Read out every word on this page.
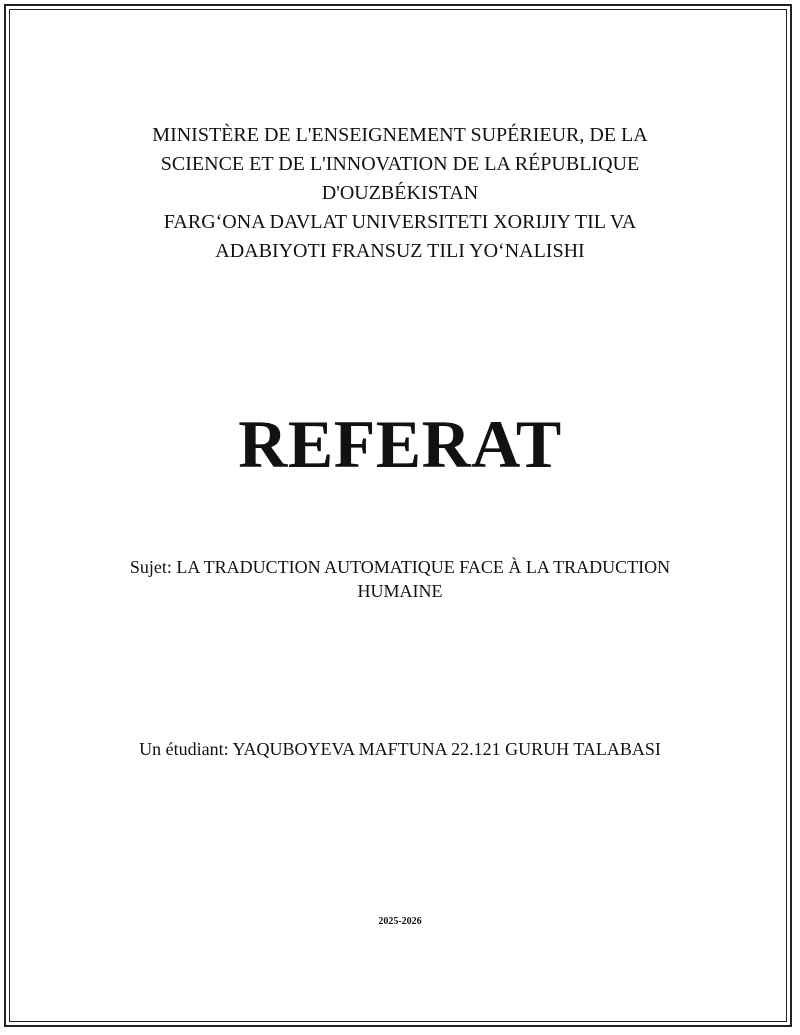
MINISTÈRE DE L'ENSEIGNEMENT SUPÉRIEUR, DE LA
SCIENCE ET DE L'INNOVATION DE LA RÉPUBLIQUE
D'OUZBÉKISTAN
FARG‘ONA DAVLAT UNIVERSITETI XORIJIY TIL VA
ADABIYOTI FRANSUZ TILI YO‘NALISHI
REFERAT
Sujet: LA TRADUCTION AUTOMATIQUE FACE À LA TRADUCTION
HUMAINE
Un étudiant: YAQUBOYEVA MAFTUNA 22.121 GURUH TALABASI
2025-2026
